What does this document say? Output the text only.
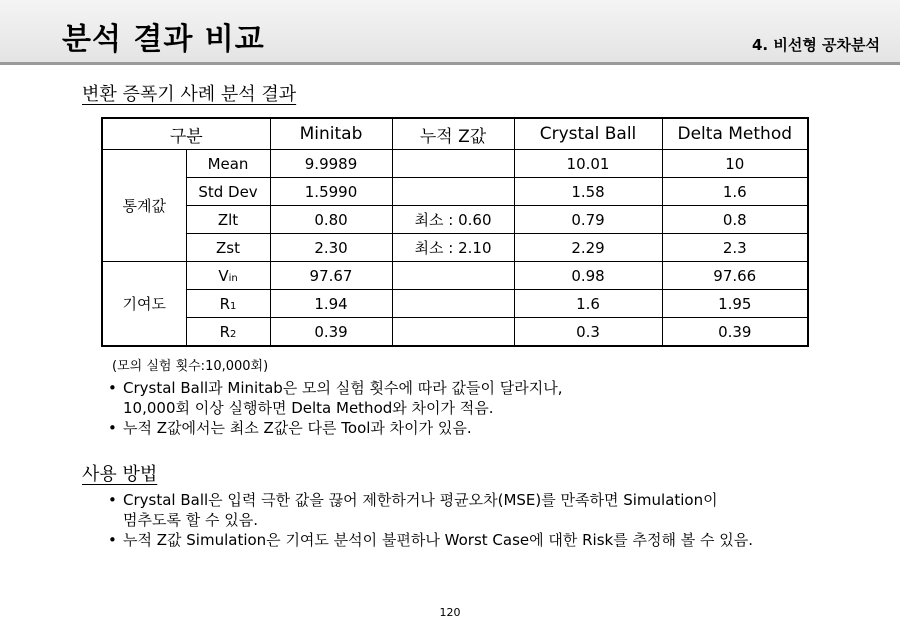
분석 결과 비교	4. 비선형 공차분석
변환 증폭기 사례 분석 결과
구분		Minitab	누적 Z값	Crystal Ball	Delta Method
통계값	Mean	9.9989		10.01	10
	Std Dev	1.5990		1.58	1.6
	Zlt	0.80	최소 : 0.60	0.79	0.8
	Zst	2.30	최소 : 2.10	2.29	2.3
기여도	Vin	97.67		0.98	97.66
	R1	1.94		1.6	1.95
	R2	0.39		0.3	0.39
(모의 실험 횟수:10,000회)
• Crystal Ball과 Minitab은 모의 실험 횟수에 따라 값들이 달라지나,
10,000회 이상 실행하면 Delta Method와 차이가 적음.
• 누적 Z값에서는 최소 Z값은 다른 Tool과 차이가 있음.
사용 방법
• Crystal Ball은 입력 극한 값을 끊어 제한하거나 평균오차(MSE)를 만족하면 Simulation이
멈추도록 할 수 있음.
• 누적 Z값 Simulation은 기여도 분석이 불편하나 Worst Case에 대한 Risk를 추정해 볼 수 있음.
120
